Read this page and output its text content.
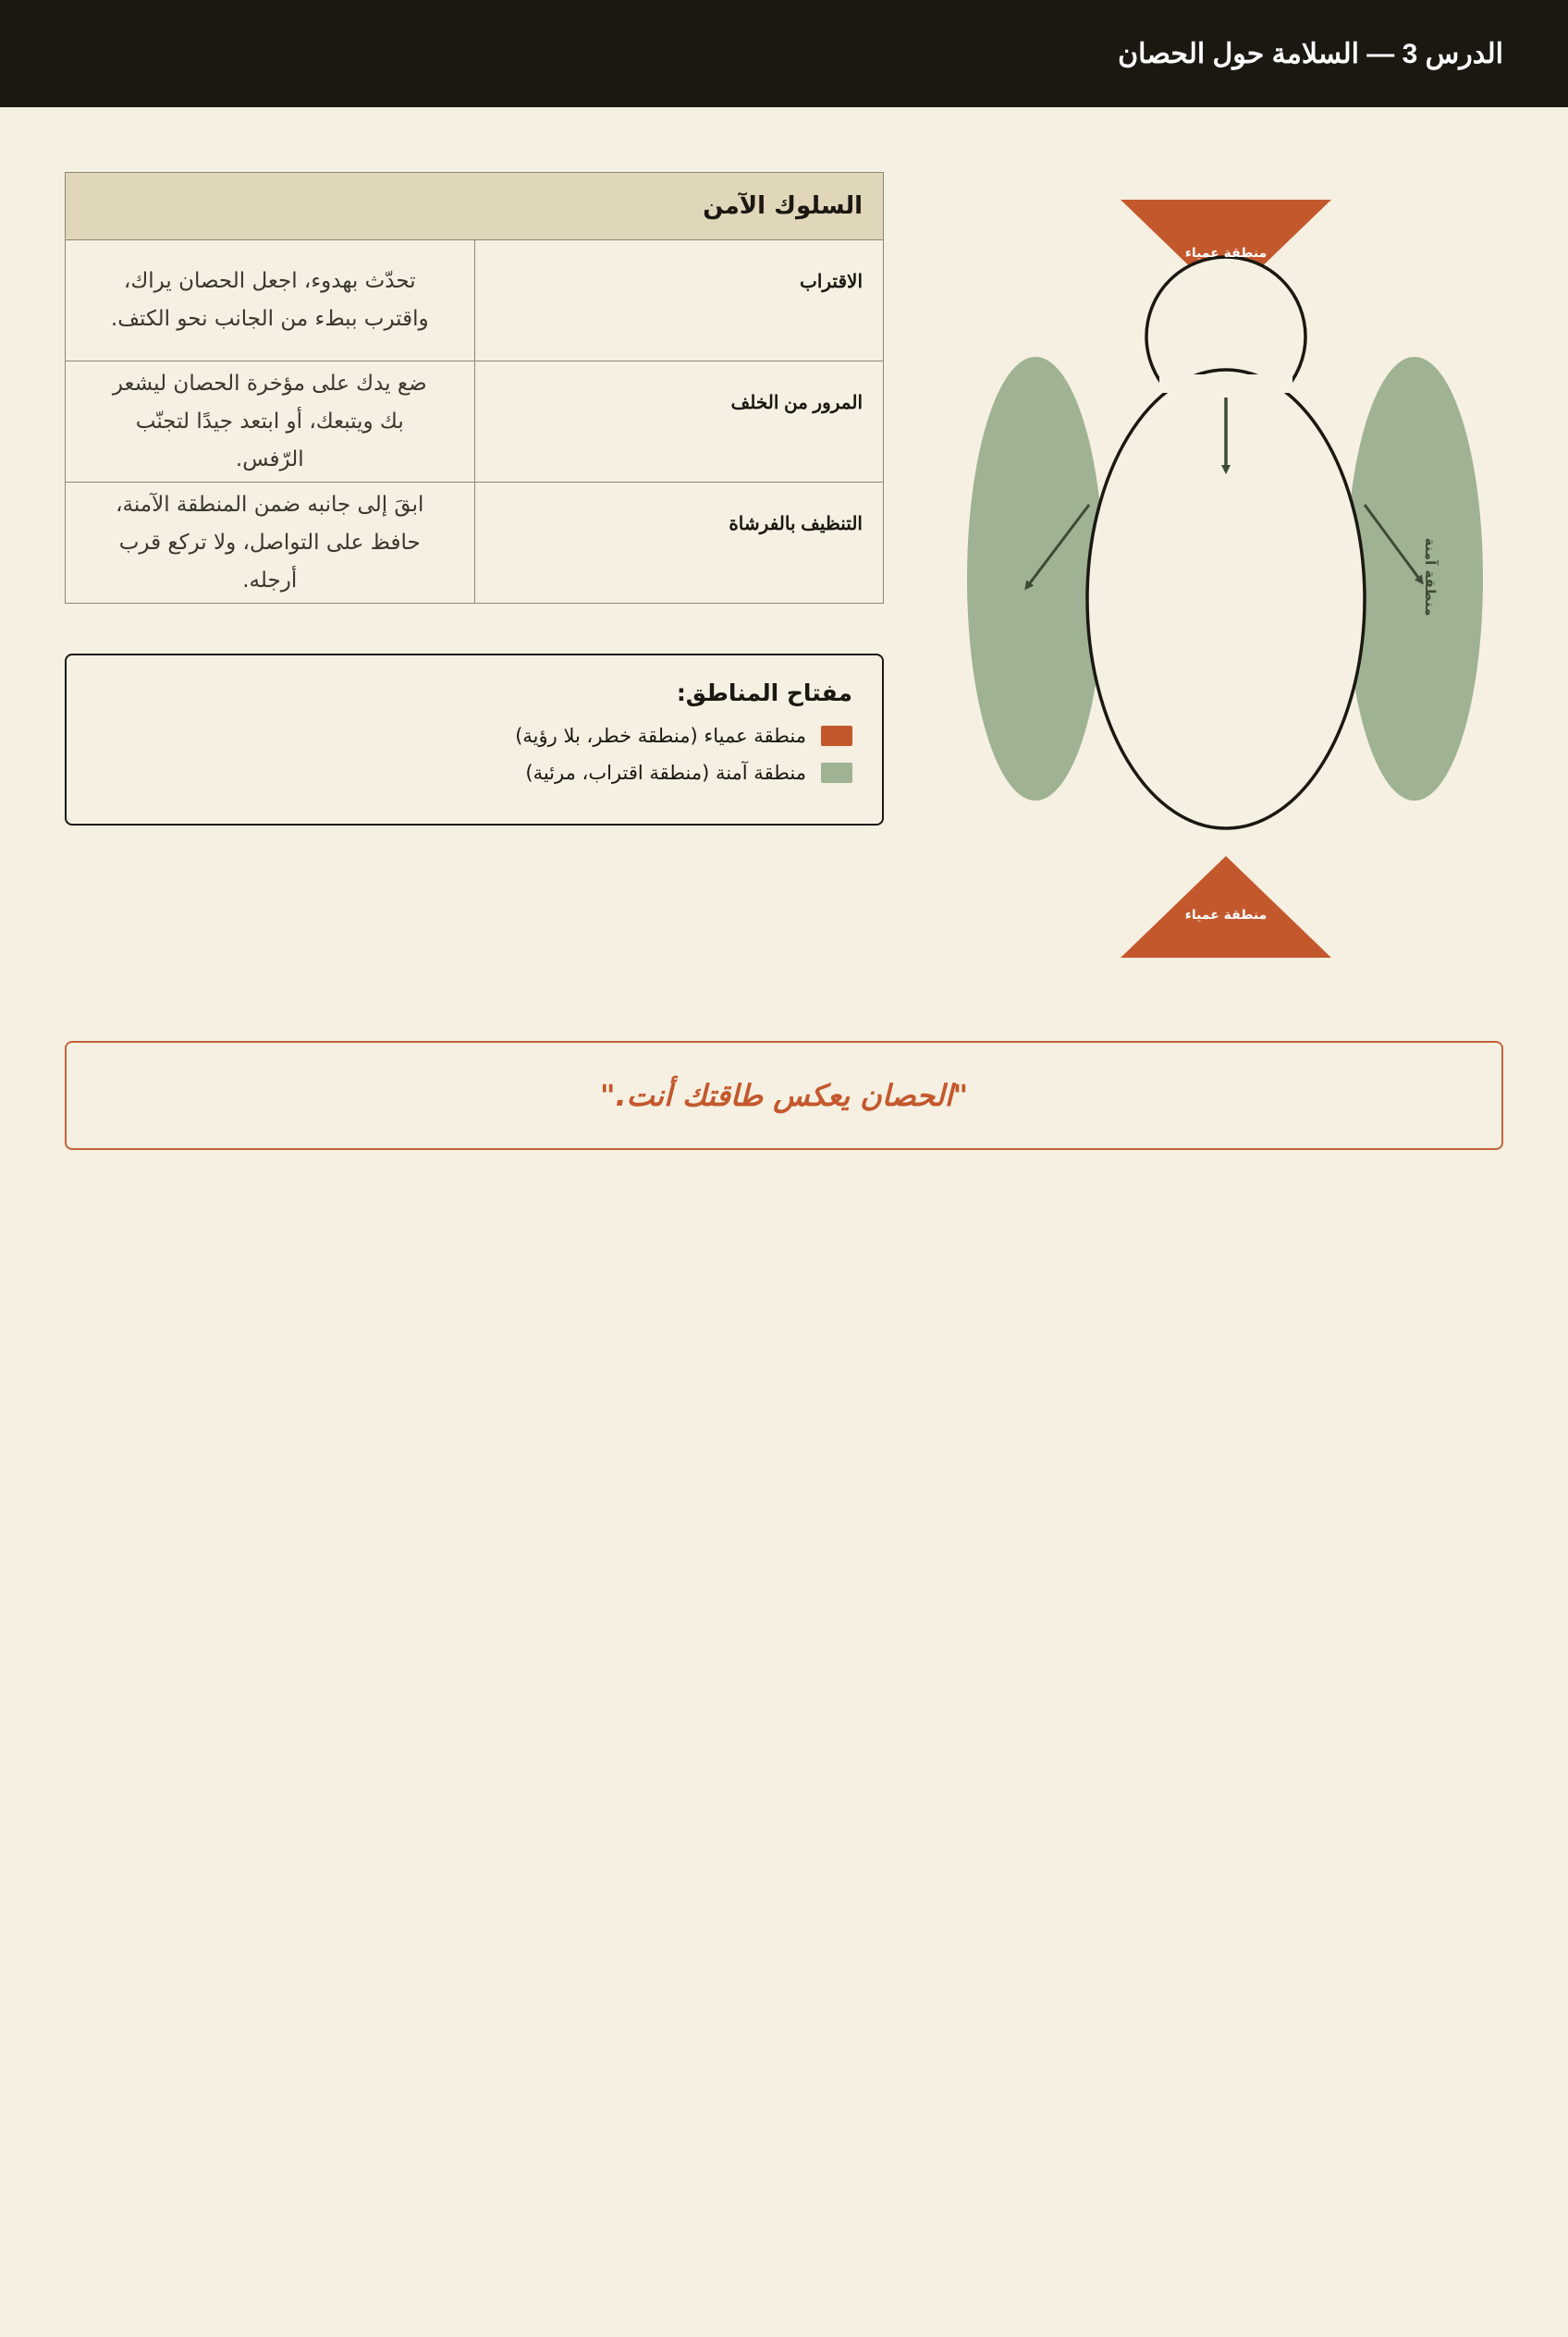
الدرس 3 — السلامة حول الحصان
منطقة عمياء
منطقة عمياء
منطقة آمنة
السلوك الآمن	
الاقتراب	تحدّث بهدوء، اجعل الحصان يراك، واقترب ببطء من الجانب نحو الكتف.
المرور من الخلف	ضع يدك على مؤخرة الحصان ليشعر بك ويتبعك، أو ابتعد جيدًا لتجنّب الرّفس.
التنظيف بالفرشاة	ابقَ إلى جانبه ضمن المنطقة الآمنة، حافظ على التواصل، ولا تركع قرب أرجله.
مفتاح المناطق:
منطقة عمياء (منطقة خطر، بلا رؤية)
منطقة آمنة (منطقة اقتراب، مرئية)
"الحصان يعكس طاقتك أنت."
